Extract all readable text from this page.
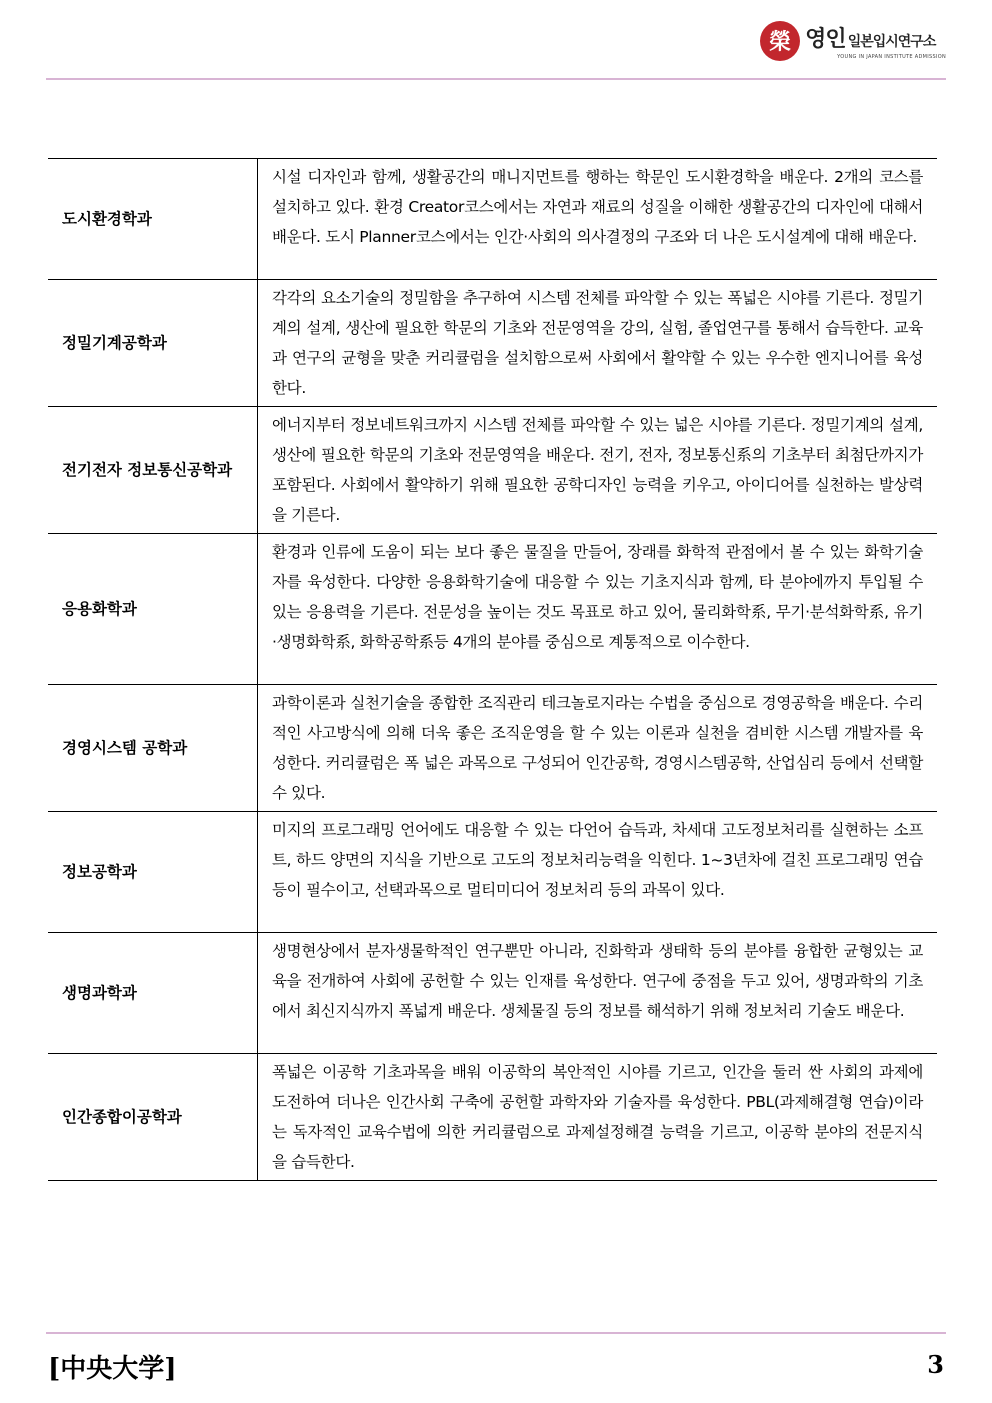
榮 영인 일본입시연구소
YOUNG IN JAPAN INSTITUTE ADMISSION
도시환경학과	시설 디자인과 함께, 생활공간의 매니지먼트를 행하는 학문인 도시환경학을 배운다. 2개의 코스를 설치하고 있다. 환경 Creator코스에서는 자연과 재료의 성질을 이해한 생활공간의 디자인에 대해서 배운다. 도시 Planner코스에서는 인간·사회의 의사결정의 구조와 더 나은 도시설계에 대해 배운다.
정밀기계공학과	각각의 요소기술의 정밀함을 추구하여 시스템 전체를 파악할 수 있는 폭넓은 시야를 기른다. 정밀기계의 설계, 생산에 필요한 학문의 기초와 전문영역을 강의, 실험, 졸업연구를 통해서 습득한다. 교육과 연구의 균형을 맞춘 커리큘럼을 설치함으로써 사회에서 활약할 수 있는 우수한 엔지니어를 육성한다.
전기전자 정보통신공학과	에너지부터 정보네트워크까지 시스템 전체를 파악할 수 있는 넓은 시야를 기른다. 정밀기계의 설계, 생산에 필요한 학문의 기초와 전문영역을 배운다. 전기, 전자, 정보통신系의 기초부터 최첨단까지가 포함된다. 사회에서 활약하기 위해 필요한 공학디자인 능력을 키우고, 아이디어를 실천하는 발상력을 기른다.
응용화학과	환경과 인류에 도움이 되는 보다 좋은 물질을 만들어, 장래를 화학적 관점에서 볼 수 있는 화학기술자를 육성한다. 다양한 응용화학기술에 대응할 수 있는 기초지식과 함께, 타 분야에까지 투입될 수 있는 응용력을 기른다. 전문성을 높이는 것도 목표로 하고 있어, 물리화학系, 무기·분석화학系, 유기·생명화학系, 화학공학系등 4개의 분야를 중심으로 계통적으로 이수한다.
경영시스템 공학과	과학이론과 실천기술을 종합한 조직관리 테크놀로지라는 수법을 중심으로 경영공학을 배운다. 수리적인 사고방식에 의해 더욱 좋은 조직운영을 할 수 있는 이론과 실천을 겸비한 시스템 개발자를 육성한다. 커리큘럼은 폭 넓은 과목으로 구성되어 인간공학, 경영시스템공학, 산업심리 등에서 선택할 수 있다.
정보공학과	미지의 프로그래밍 언어에도 대응할 수 있는 다언어 습득과, 차세대 고도정보처리를 실현하는 소프트, 하드 양면의 지식을 기반으로 고도의 정보처리능력을 익힌다. 1~3년차에 걸친 프로그래밍 연습 등이 필수이고, 선택과목으로 멀티미디어 정보처리 등의 과목이 있다.
생명과학과	생명현상에서 분자생물학적인 연구뿐만 아니라, 진화학과 생태학 등의 분야를 융합한 균형있는 교육을 전개하여 사회에 공헌할 수 있는 인재를 육성한다. 연구에 중점을 두고 있어, 생명과학의 기초에서 최신지식까지 폭넓게 배운다. 생체물질 등의 정보를 해석하기 위해 정보처리 기술도 배운다.
인간종합이공학과	폭넓은 이공학 기초과목을 배워 이공학의 복안적인 시야를 기르고, 인간을 둘러 싼 사회의 과제에 도전하여 더나은 인간사회 구축에 공헌할 과학자와 기술자를 육성한다. PBL(과제해결형 연습)이라는 독자적인 교육수법에 의한 커리큘럼으로 과제설정해결 능력을 기르고, 이공학 분야의 전문지식을 습득한다.
[中央大学]	3
